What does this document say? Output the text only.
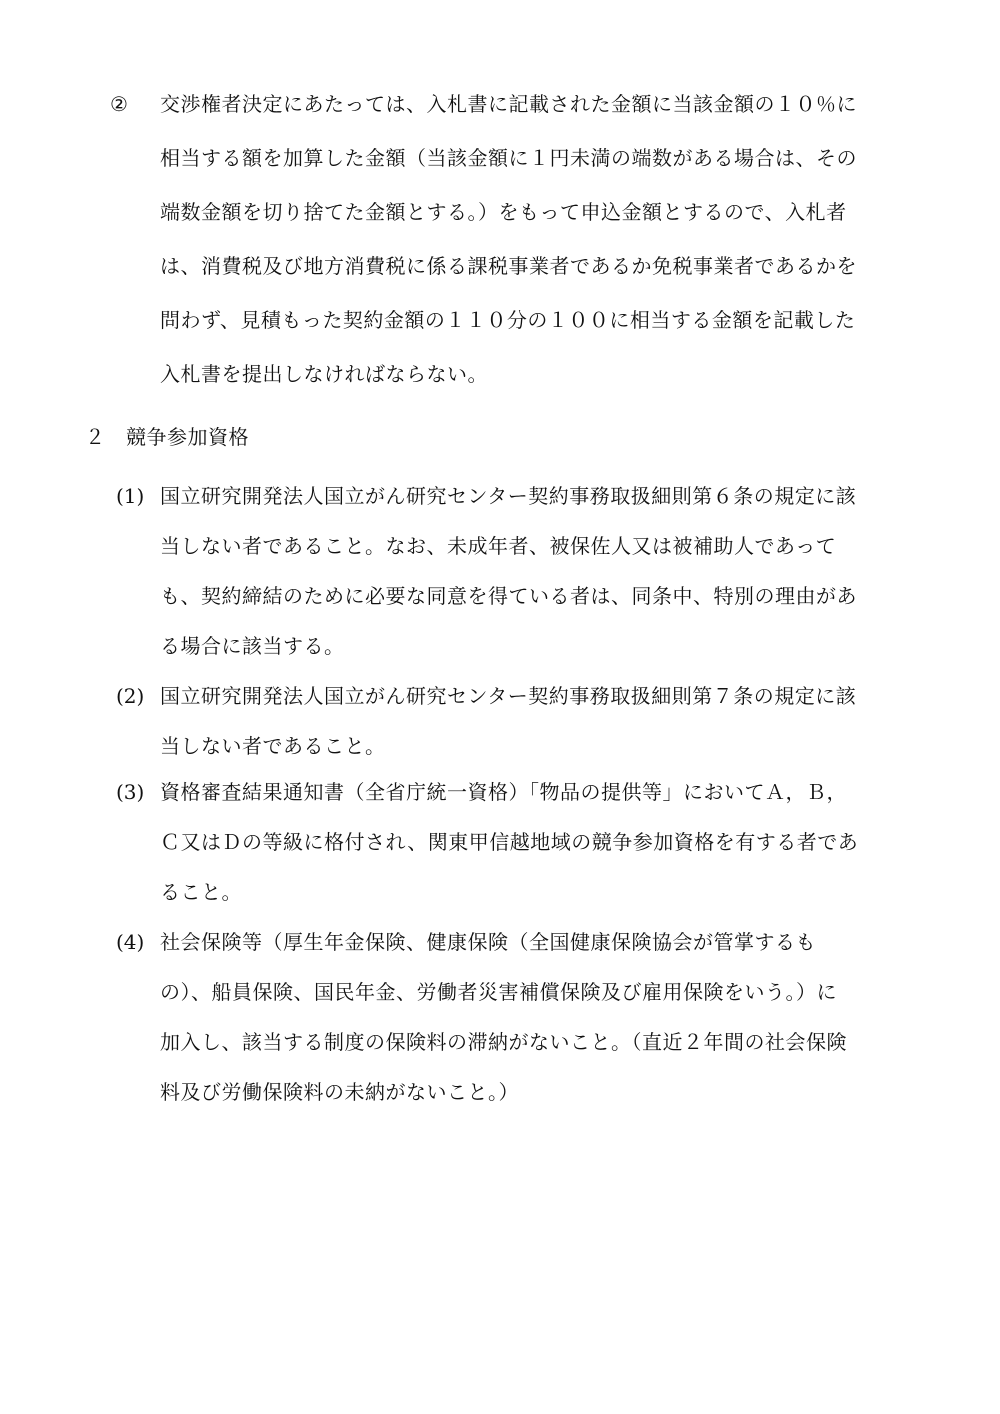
② 交渉権者決定にあたっては、入札書に記載された金額に当該金額の１０％に
相当する額を加算した金額（当該金額に１円未満の端数がある場合は、その
端数金額を切り捨てた金額とする。）をもって申込金額とするので、入札者
は、消費税及び地方消費税に係る課税事業者であるか免税事業者であるかを
問わず、見積もった契約金額の１１０分の１００に相当する金額を記載した
入札書を提出しなければならない。
２　競争参加資格
(1) 国立研究開発法人国立がん研究センター契約事務取扱細則第６条の規定に該
当しない者であること。なお、未成年者、被保佐人又は被補助人であって
も、契約締結のために必要な同意を得ている者は、同条中、特別の理由があ
る場合に該当する。
(2) 国立研究開発法人国立がん研究センター契約事務取扱細則第７条の規定に該
当しない者であること。
(3) 資格審査結果通知書（全省庁統一資格）「物品の提供等」においてＡ，Ｂ，
Ｃ又はＤの等級に格付され、関東甲信越地域の競争参加資格を有する者であ
ること。
(4) 社会保険等（厚生年金保険、健康保険（全国健康保険協会が管掌するも
の）、船員保険、国民年金、労働者災害補償保険及び雇用保険をいう。）に
加入し、該当する制度の保険料の滞納がないこと。（直近２年間の社会保険
料及び労働保険料の未納がないこと。）
